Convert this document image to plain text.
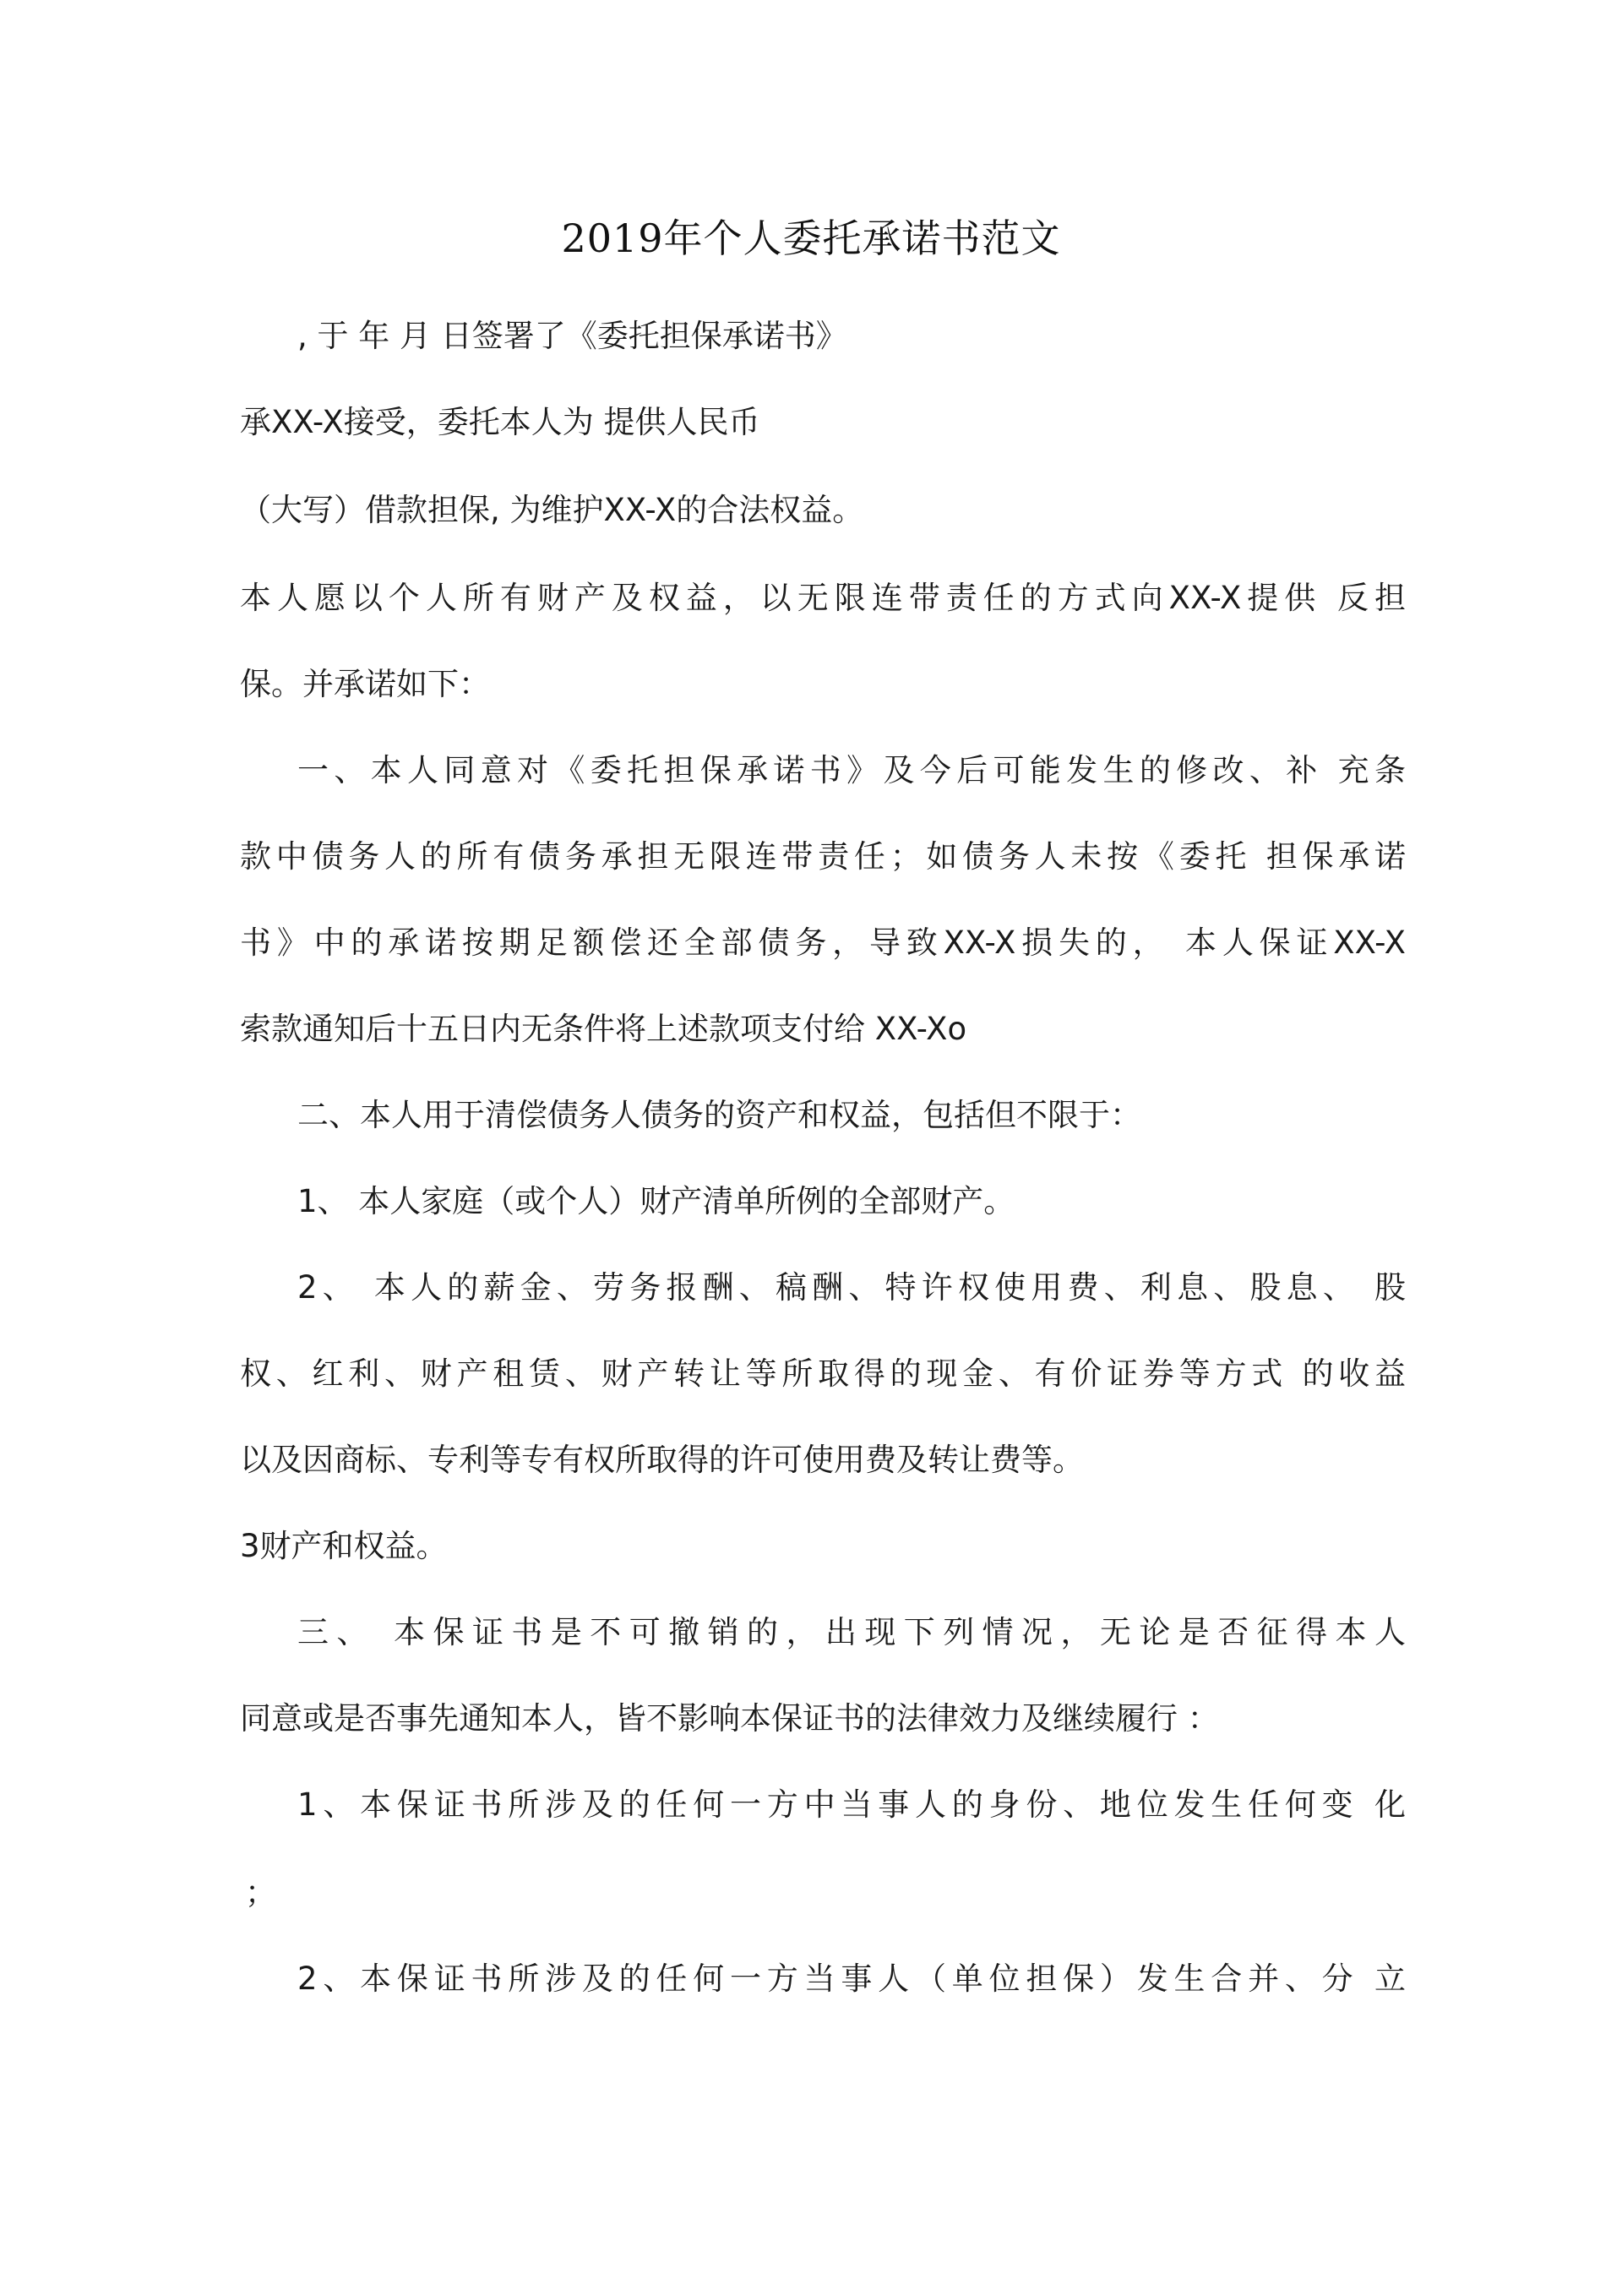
2019年个人委托承诺书范文
, 于 年 月 日签署了《委托担保承诺书》
承XX-X接受，委托本人为 提供人民币
（大写）借款担保, 为维护XX-X的合法权益。
本人愿以个人所有财产及权益，以无限连带责任的方式向XX-X提供 反担
保。并承诺如下：
一、本人同意对《委托担保承诺书》及今后可能发生的修改、补 充条
款中债务人的所有债务承担无限连带责任；如债务人未按《委托 担保承诺
书》中的承诺按期足额偿还全部债务，导致XX-X损失的， 本人保证XX-X
索款通知后十五日内无条件将上述款项支付给 XX-Xo
二、本人用于清偿债务人债务的资产和权益，包括但不限于：
1、 本人家庭（或个人）财产清单所例的全部财产。
2、 本人的薪金、劳务报酬、稿酬、特许权使用费、利息、股息、 股
权、红利、财产租赁、财产转让等所取得的现金、有价证券等方式 的收益
以及因商标、专利等专有权所取得的许可使用费及转让费等。
3财产和权益。
三、 本保证书是不可撤销的，出现下列情况，无论是否征得本人
同意或是否事先通知本人，皆不影响本保证书的法律效力及继续履行 ：
1、本保证书所涉及的任何一方中当事人的身份、地位发生任何变 化
；
2、本保证书所涉及的任何一方当事人（单位担保）发生合并、分 立
